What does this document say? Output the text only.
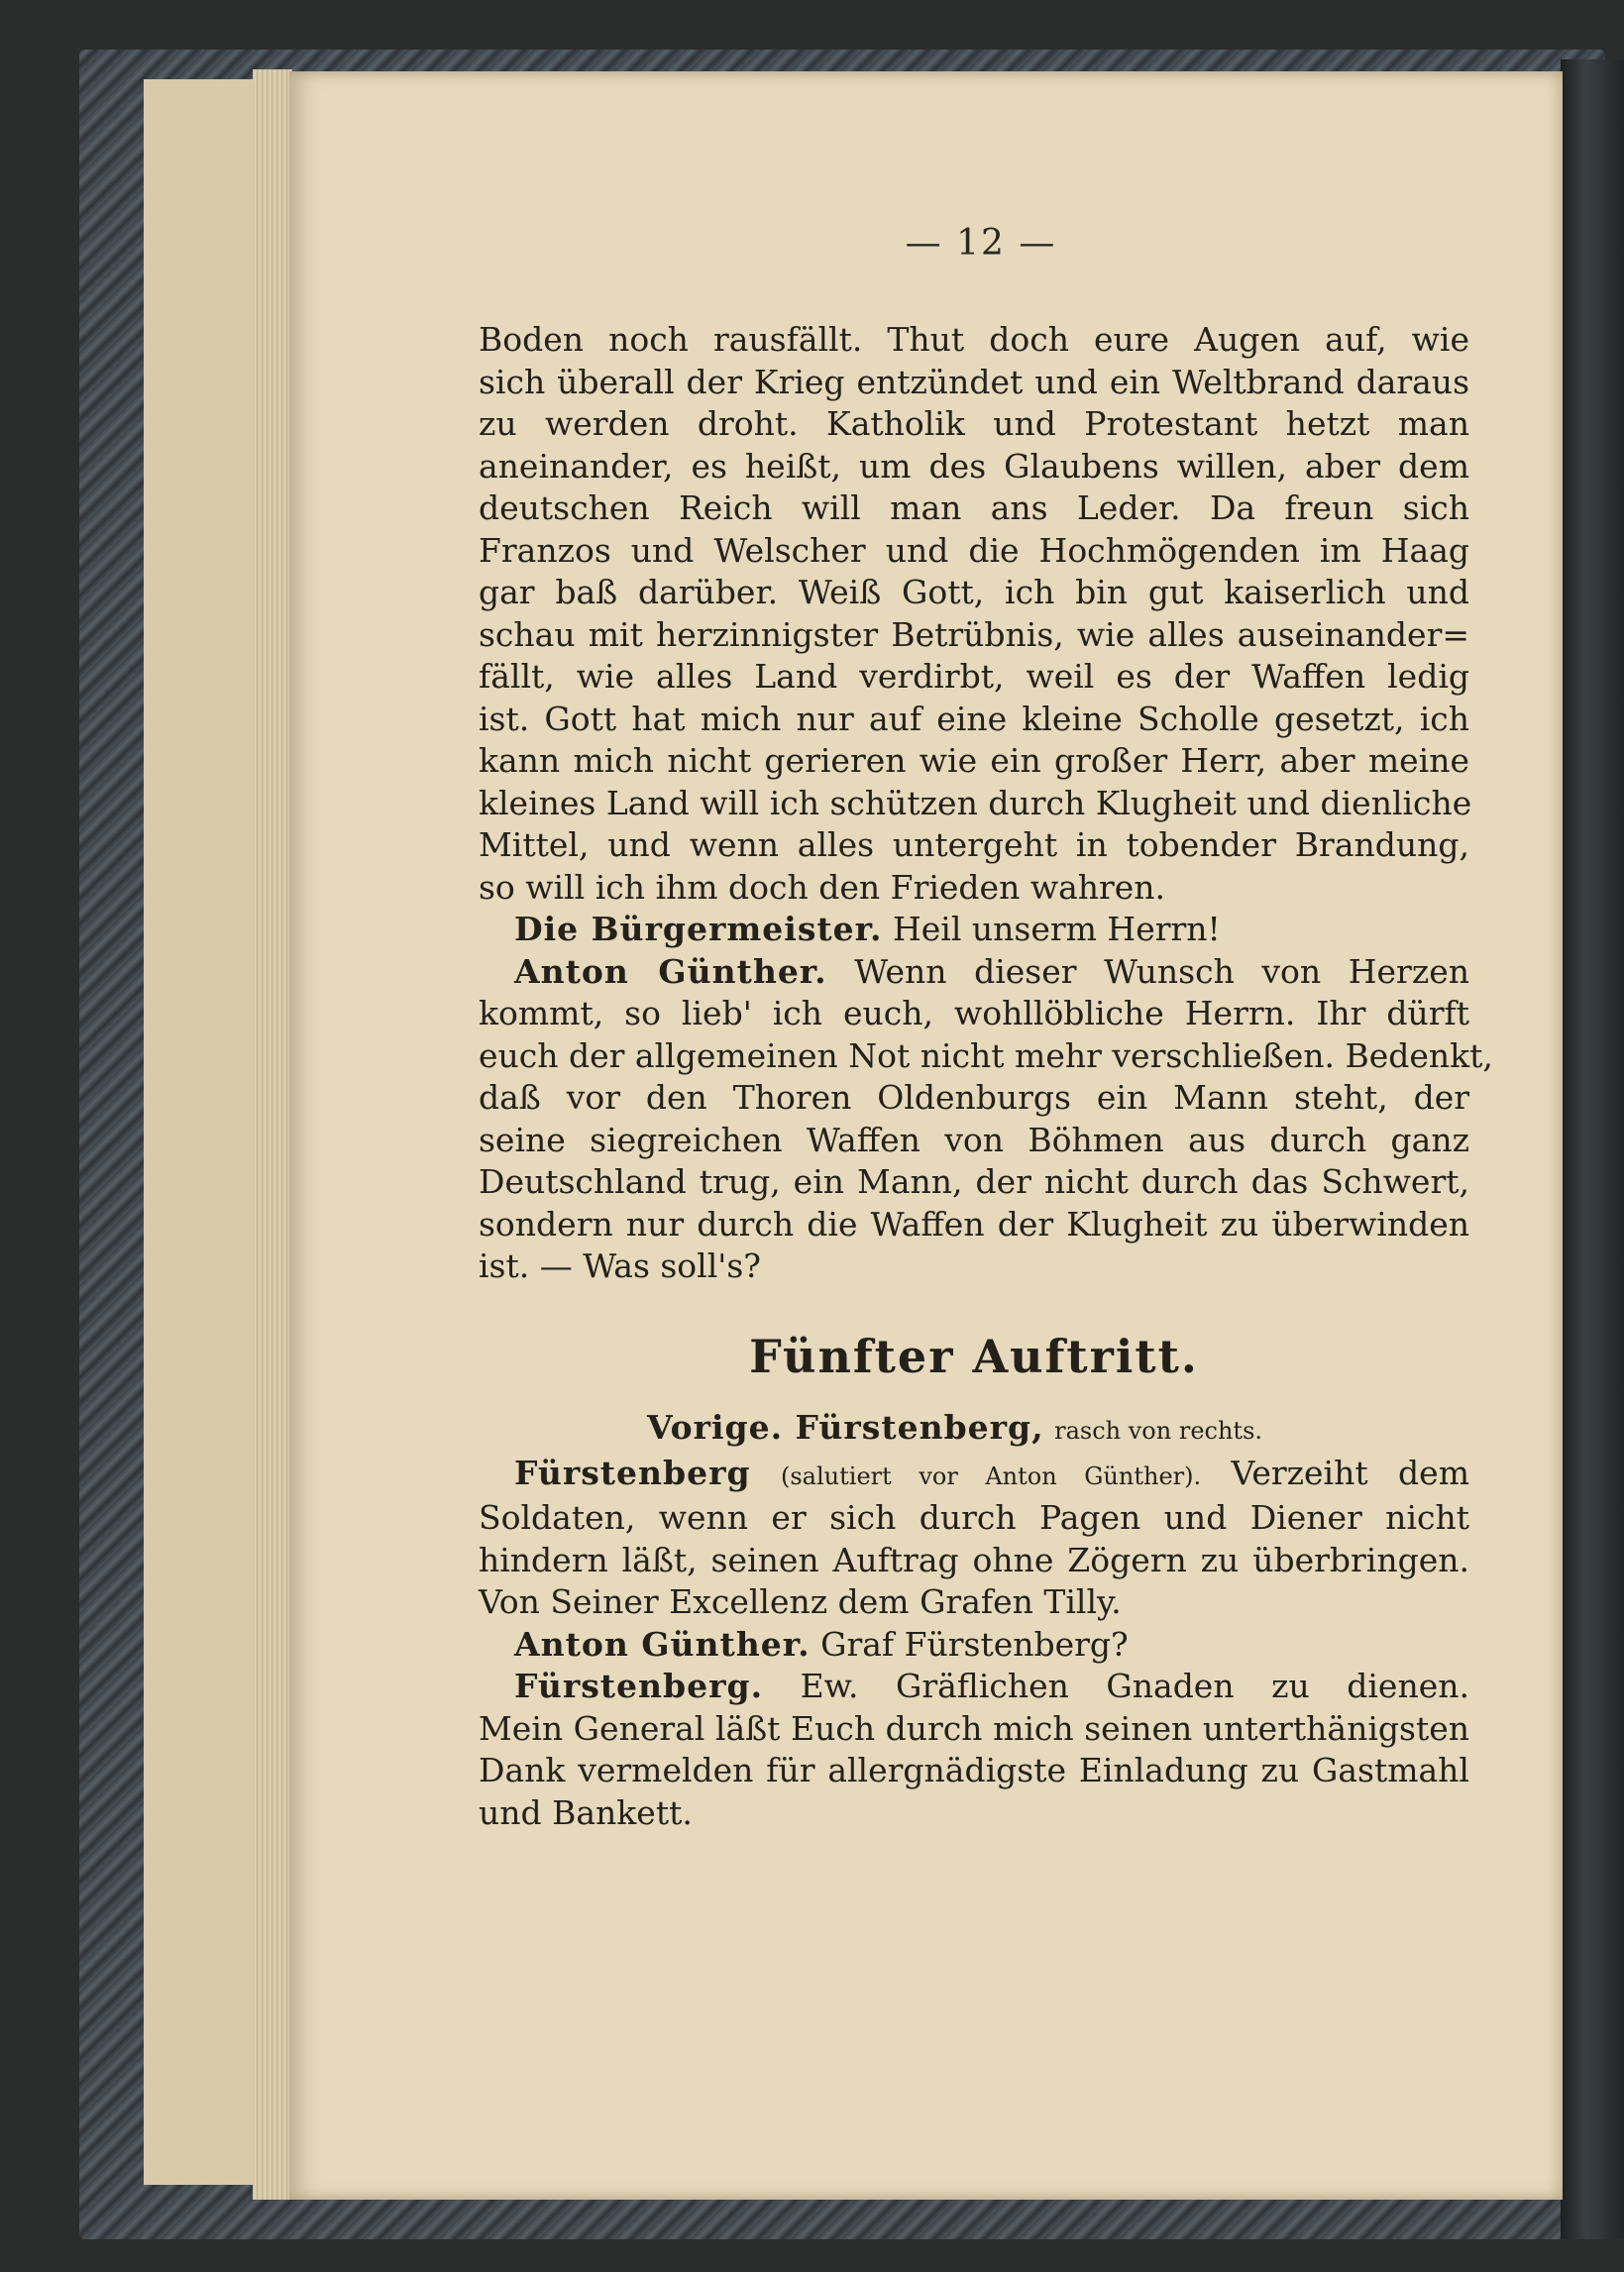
— 12 —
Boden noch rausfällt. Thut doch eure Augen auf, wie
sich überall der Krieg entzündet und ein Weltbrand daraus
zu werden droht. Katholik und Protestant hetzt man
aneinander, es heißt, um des Glaubens willen, aber dem
deutschen Reich will man ans Leder. Da freun sich
Franzos und Welscher und die Hochmögenden im Haag
gar baß darüber. Weiß Gott, ich bin gut kaiserlich und
schau mit herzinnigster Betrübnis, wie alles auseinander=
fällt, wie alles Land verdirbt, weil es der Waffen ledig
ist. Gott hat mich nur auf eine kleine Scholle gesetzt, ich
kann mich nicht gerieren wie ein großer Herr, aber meine
kleines Land will ich schützen durch Klugheit und dienliche
Mittel, und wenn alles untergeht in tobender Brandung,
so will ich ihm doch den Frieden wahren.
Die Bürgermeister. Heil unserm Herrn!
Anton Günther. Wenn dieser Wunsch von Herzen
kommt, so lieb' ich euch, wohllöbliche Herrn. Ihr dürft
euch der allgemeinen Not nicht mehr verschließen. Bedenkt,
daß vor den Thoren Oldenburgs ein Mann steht, der
seine siegreichen Waffen von Böhmen aus durch ganz
Deutschland trug, ein Mann, der nicht durch das Schwert,
sondern nur durch die Waffen der Klugheit zu überwinden
ist. — Was soll's?
Fünfter Auftritt.
Vorige. Fürstenberg, rasch von rechts.
Fürstenberg (salutiert vor Anton Günther). Verzeiht dem
Soldaten, wenn er sich durch Pagen und Diener nicht
hindern läßt, seinen Auftrag ohne Zögern zu überbringen.
Von Seiner Excellenz dem Grafen Tilly.
Anton Günther. Graf Fürstenberg?
Fürstenberg. Ew. Gräflichen Gnaden zu dienen.
Mein General läßt Euch durch mich seinen unterthänigsten
Dank vermelden für allergnädigste Einladung zu Gastmahl
und Bankett.
